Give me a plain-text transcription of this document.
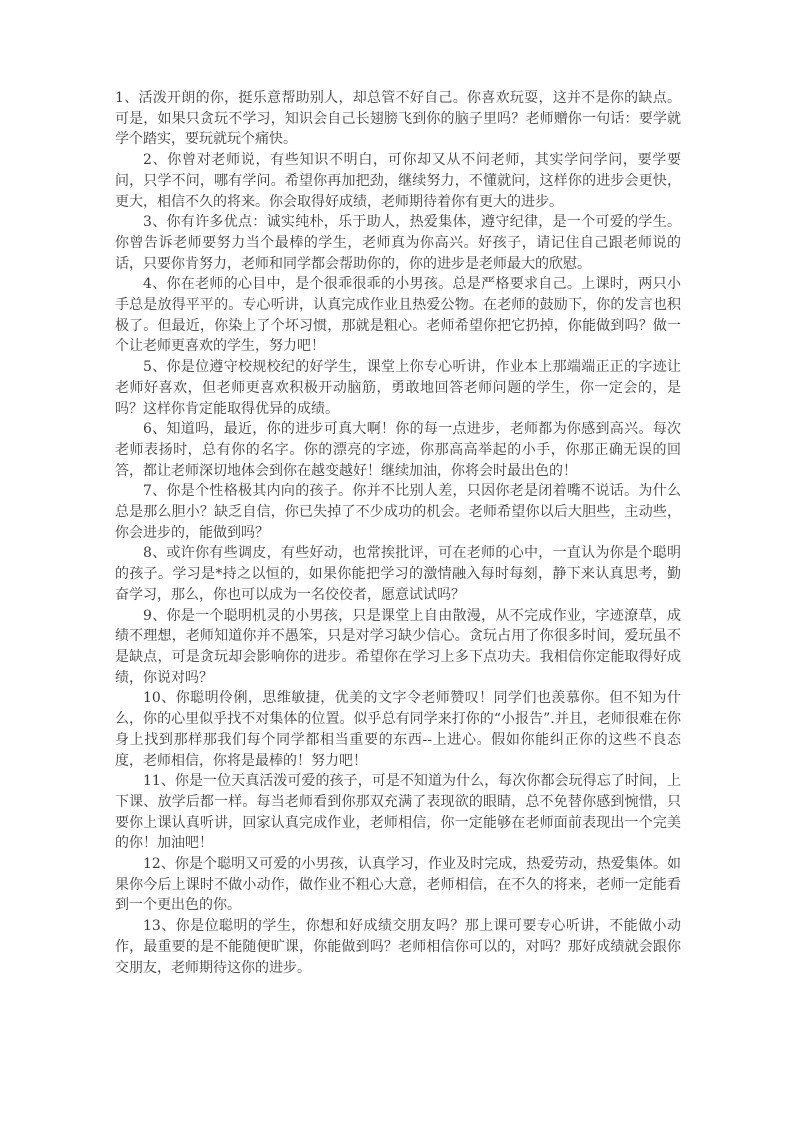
1、活泼开朗的你，挺乐意帮助别人，却总管不好自己。你喜欢玩耍，这并不是你的缺点。可是，如果只贪玩不学习，知识会自己长翅膀飞到你的脑子里吗？老师赠你一句话：要学就学个踏实，要玩就玩个痛快。

2、你曾对老师说，有些知识不明白，可你却又从不问老师，其实学问学问，要学要问，只学不问，哪有学问。希望你再加把劲，继续努力，不懂就问，这样你的进步会更快，更大，相信不久的将来。你会取得好成绩，老师期待着你有更大的进步。

3、你有许多优点：诚实纯朴，乐于助人，热爱集体，遵守纪律，是一个可爱的学生。你曾告诉老师要努力当个最棒的学生，老师真为你高兴。好孩子，请记住自己跟老师说的话，只要你肯努力，老师和同学都会帮助你的，你的进步是老师最大的欣慰。

4、你在老师的心目中，是个很乖很乖的小男孩。总是严格要求自己。上课时，两只小手总是放得平平的。专心听讲，认真完成作业且热爱公物。在老师的鼓励下，你的发言也积极了。但最近，你染上了个坏习惯，那就是粗心。老师希望你把它扔掉，你能做到吗？做一个让老师更喜欢的学生，努力吧！

5、你是位遵守校规校纪的好学生，课堂上你专心听讲，作业本上那端端正正的字迹让老师好喜欢，但老师更喜欢积极开动脑筋，勇敢地回答老师问题的学生，你一定会的，是吗？这样你肯定能取得优异的成绩。

6、知道吗，最近，你的进步可真大啊！你的每一点进步，老师都为你感到高兴。每次老师表扬时，总有你的名字。你的漂亮的字迹，你那高高举起的小手，你那正确无误的回答，都让老师深切地体会到你在越变越好！继续加油，你将会时最出色的！

7、你是个性格极其内向的孩子。你并不比别人差，只因你老是闭着嘴不说话。为什么总是那么胆小？缺乏自信，你已失掉了不少成功的机会。老师希望你以后大胆些，主动些，你会进步的，能做到吗？

8、或许你有些调皮，有些好动，也常挨批评，可在老师的心中，一直认为你是个聪明的孩子。学习是*持之以恒的，如果你能把学习的激情融入每时每刻，静下来认真思考，勤奋学习，那么，你也可以成为一名佼佼者，愿意试试吗？

9、你是一个聪明机灵的小男孩，只是课堂上自由散漫，从不完成作业，字迹潦草，成绩不理想，老师知道你并不愚笨，只是对学习缺少信心。贪玩占用了你很多时间，爱玩虽不是缺点，可是贪玩却会影响你的进步。希望你在学习上多下点功夫。我相信你定能取得好成绩，你说对吗？

10、你聪明伶俐，思维敏捷，优美的文字令老师赞叹！同学们也羡慕你。但不知为什么，你的心里似乎找不对集体的位置。似乎总有同学来打你的“小报告”.并且，老师很难在你身上找到那样那我们每个同学都相当重要的东西--上进心。假如你能纠正你的这些不良态度，老师相信，你将是最棒的！努力吧！

11、你是一位天真活泼可爱的孩子，可是不知道为什么，每次你都会玩得忘了时间，上下课、放学后都一样。每当老师看到你那双充满了表现欲的眼睛，总不免替你感到惋惜，只要你上课认真听讲，回家认真完成作业，老师相信，你一定能够在老师面前表现出一个完美的你！加油吧！

12、你是个聪明又可爱的小男孩，认真学习，作业及时完成，热爱劳动，热爱集体。如果你今后上课时不做小动作，做作业不粗心大意，老师相信，在不久的将来，老师一定能看到一个更出色的你。

13、你是位聪明的学生，你想和好成绩交朋友吗？那上课可要专心听讲，不能做小动作，最重要的是不能随便旷课，你能做到吗？老师相信你可以的，对吗？那好成绩就会跟你交朋友，老师期待这你的进步。
